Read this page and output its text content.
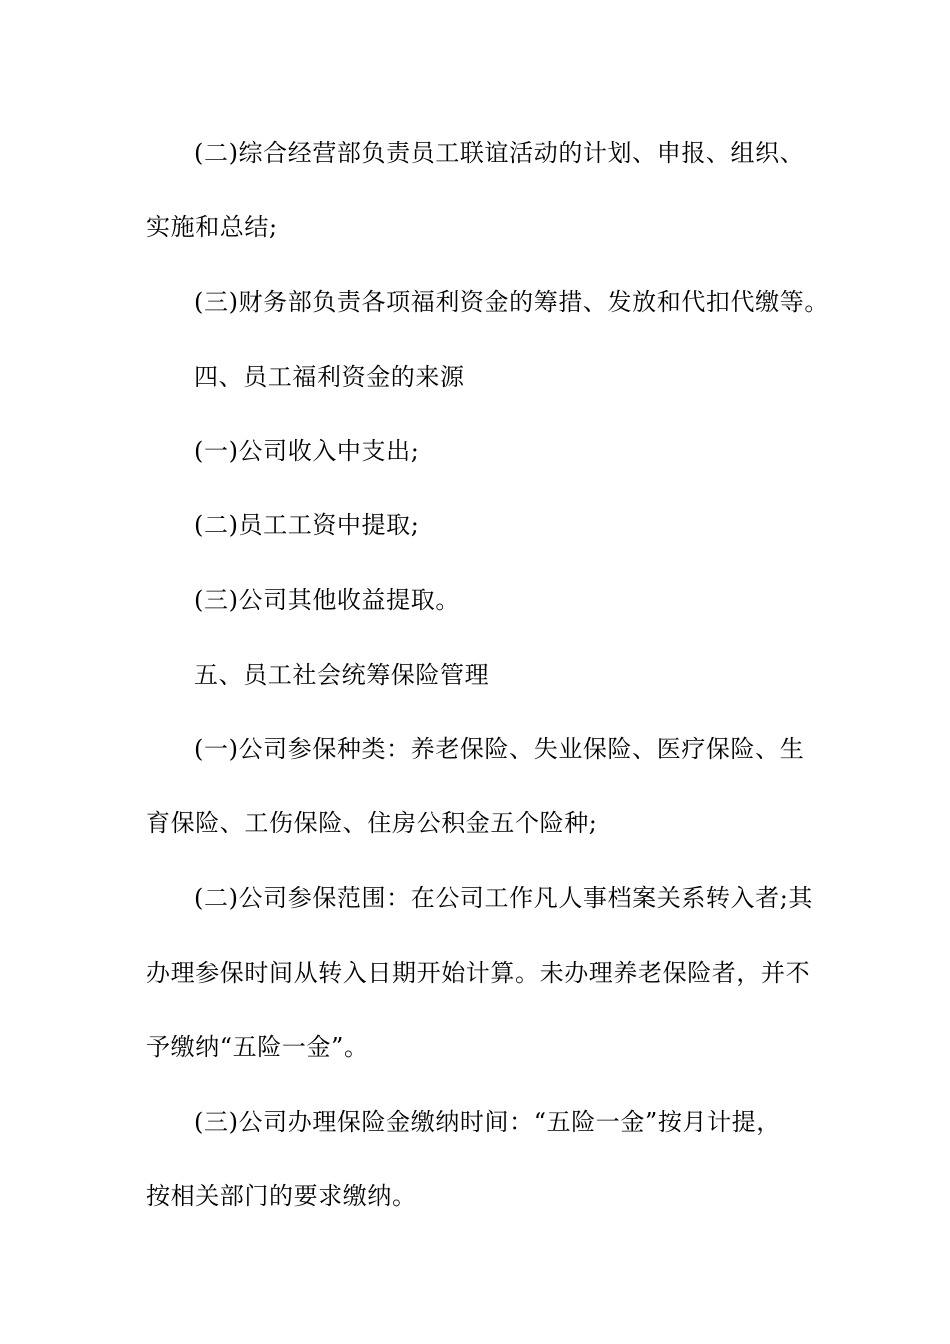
(二)综合经营部负责员工联谊活动的计划、申报、组织、
实施和总结;
(三)财务部负责各项福利资金的筹措、发放和代扣代缴等。
四、员工福利资金的来源
(一)公司收入中支出;
(二)员工工资中提取;
(三)公司其他收益提取。
五、员工社会统筹保险管理
(一)公司参保种类：养老保险、失业保险、医疗保险、生
育保险、工伤保险、住房公积金五个险种;
(二)公司参保范围：在公司工作凡人事档案关系转入者;其
办理参保时间从转入日期开始计算。未办理养老保险者，并不
予缴纳“五险一金”。
(三)公司办理保险金缴纳时间：“五险一金”按月计提，
按相关部门的要求缴纳。
